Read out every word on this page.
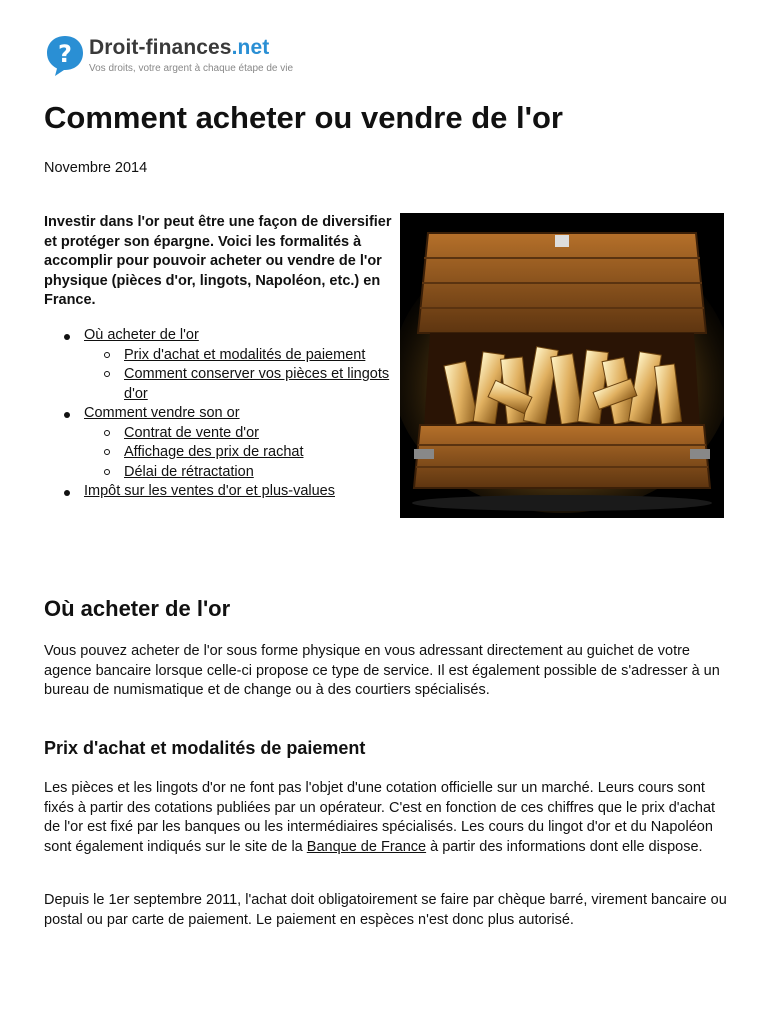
? Droit-finances.net
Vos droits, votre argent à chaque étape de vie
Comment acheter ou vendre de l'or

Novembre 2014

Investir dans l'or peut être une façon de diversifier et protéger son épargne. Voici les formalités à accomplir pour pouvoir acheter ou vendre de l'or physique (pièces d'or, lingots, Napoléon, etc.) en France.

Où acheter de l'or
Prix d'achat et modalités de paiement
Comment conserver vos pièces et lingots d'or
Comment vendre son or
Contrat de vente d'or
Affichage des prix de rachat
Délai de rétractation
Impôt sur les ventes d'or et plus-values
Où acheter de l'or

Vous pouvez acheter de l'or sous forme physique en vous adressant directement au guichet de votre agence bancaire lorsque celle-ci propose ce type de service. Il est également possible de s'adresser à un bureau de numismatique et de change ou à des courtiers spécialisés.

Prix d'achat et modalités de paiement

Les pièces et les lingots d'or ne font pas l'objet d'une cotation officielle sur un marché. Leurs cours sont fixés à partir des cotations publiées par un opérateur. C'est en fonction de ces chiffres que le prix d'achat de l'or est fixé par les banques ou les intermédiaires spécialisés. Les cours du lingot d'or et du Napoléon sont également indiqués sur le site de la Banque de France à partir des informations dont elle dispose.

Depuis le 1er septembre 2011, l'achat doit obligatoirement se faire par chèque barré, virement bancaire ou postal ou par carte de paiement. Le paiement en espèces n'est donc plus autorisé.
